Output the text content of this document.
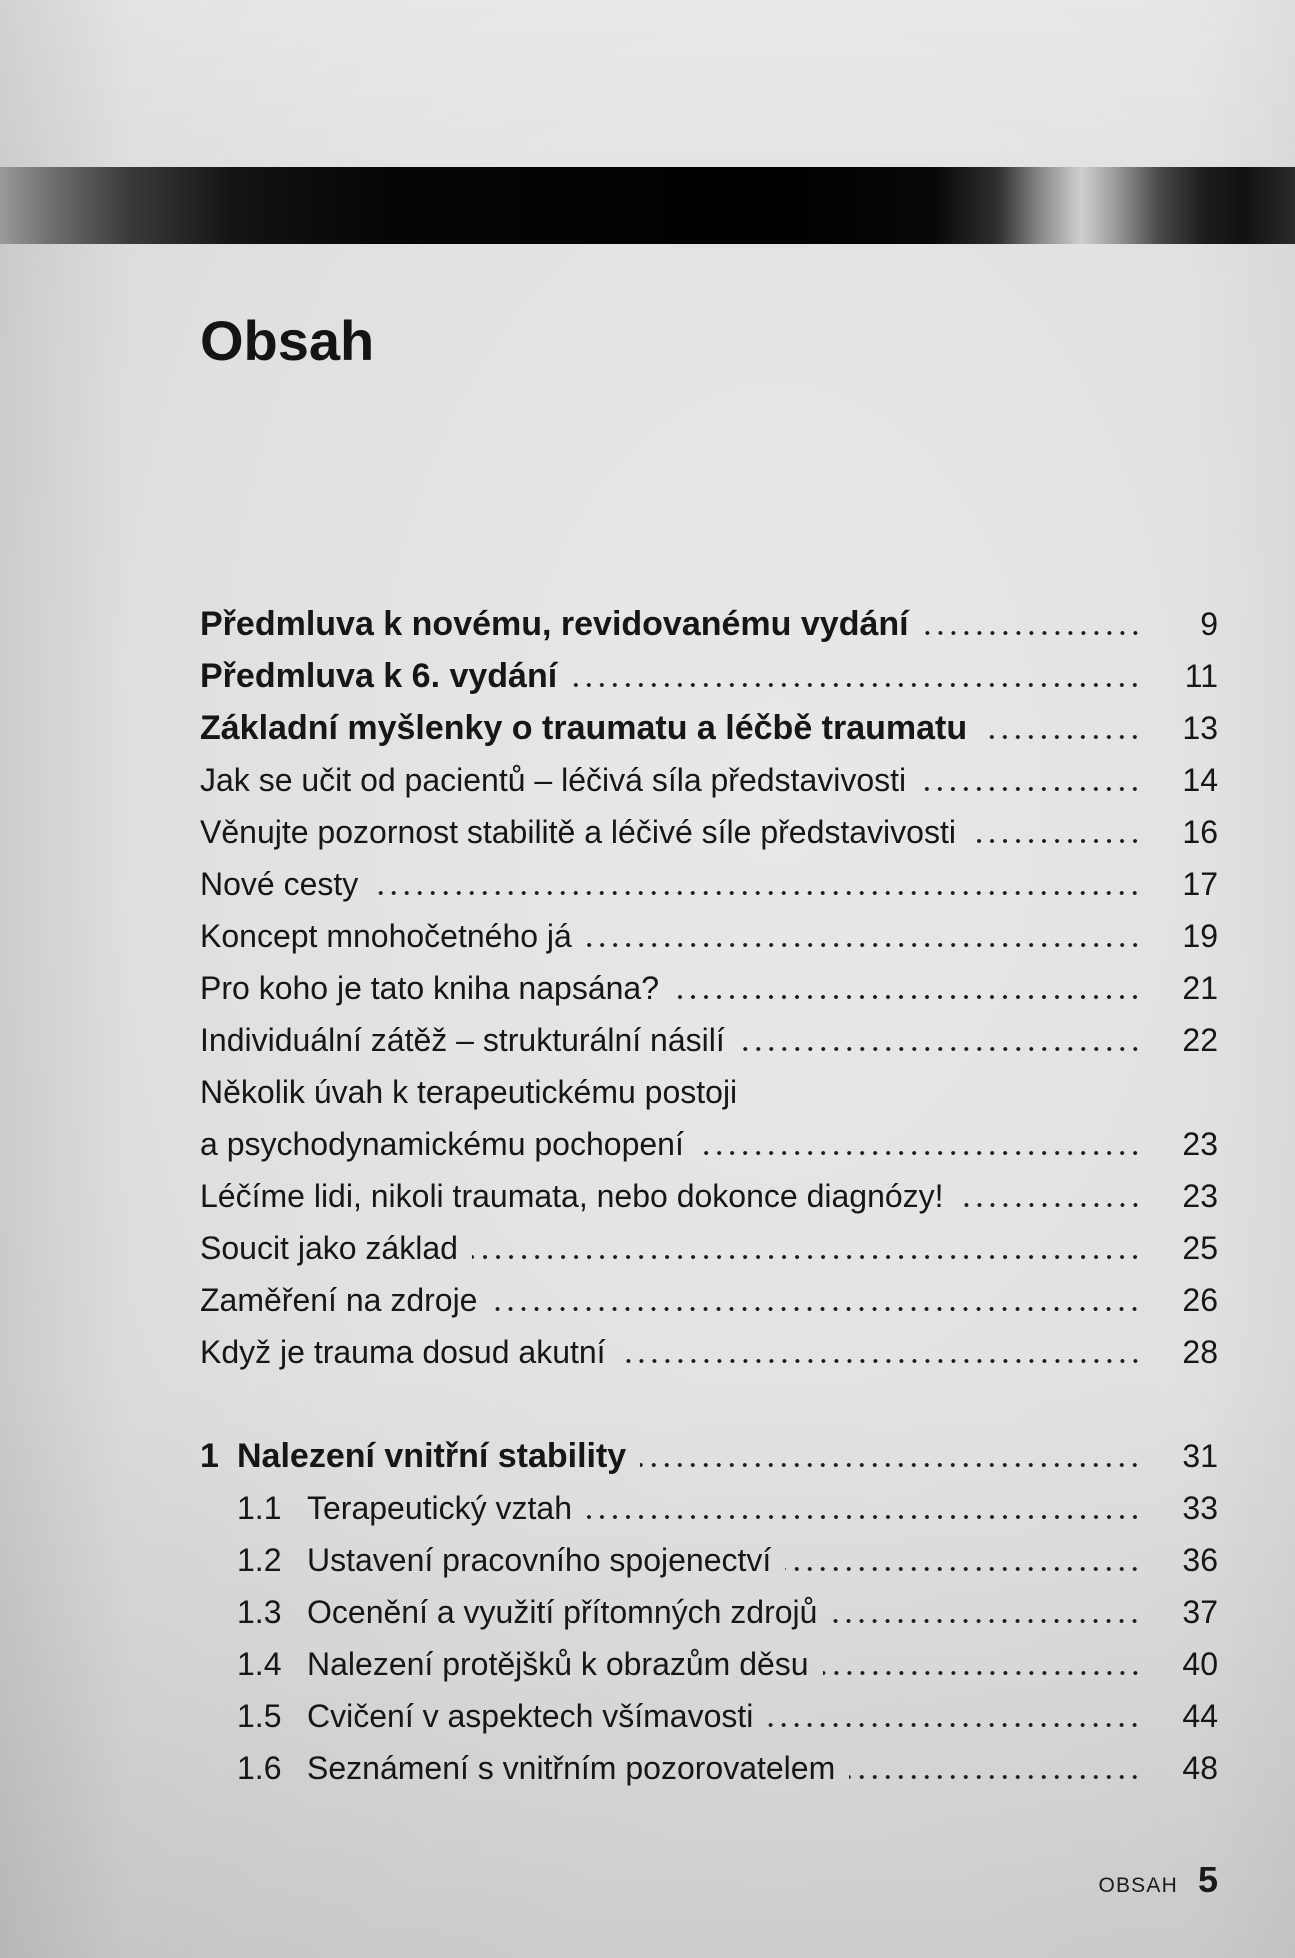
Obsah
Předmluva k novému, revidovanému vydání	9
Předmluva k 6. vydání	11
Základní myšlenky o traumatu a léčbě traumatu	13
Jak se učit od pacientů – léčivá síla představivosti	14
Věnujte pozornost stabilitě a léčivé síle představivosti	16
Nové cesty	17
Koncept mnohočetného já	19
Pro koho je tato kniha napsána?	21
Individuální zátěž – strukturální násilí	22
Několik úvah k terapeutickému postoji
a psychodynamickému pochopení	23
Léčíme lidi, nikoli traumata, nebo dokonce diagnózy!	23
Soucit jako základ	25
Zaměření na zdroje	26
Když je trauma dosud akutní	28
1 Nalezení vnitřní stability	31
1.1 Terapeutický vztah	33
1.2 Ustavení pracovního spojenectví	36
1.3 Ocenění a využití přítomných zdrojů	37
1.4 Nalezení protějšků k obrazům děsu	40
1.5 Cvičení v aspektech všímavosti	44
1.6 Seznámení s vnitřním pozorovatelem	48
OBSAH 5
